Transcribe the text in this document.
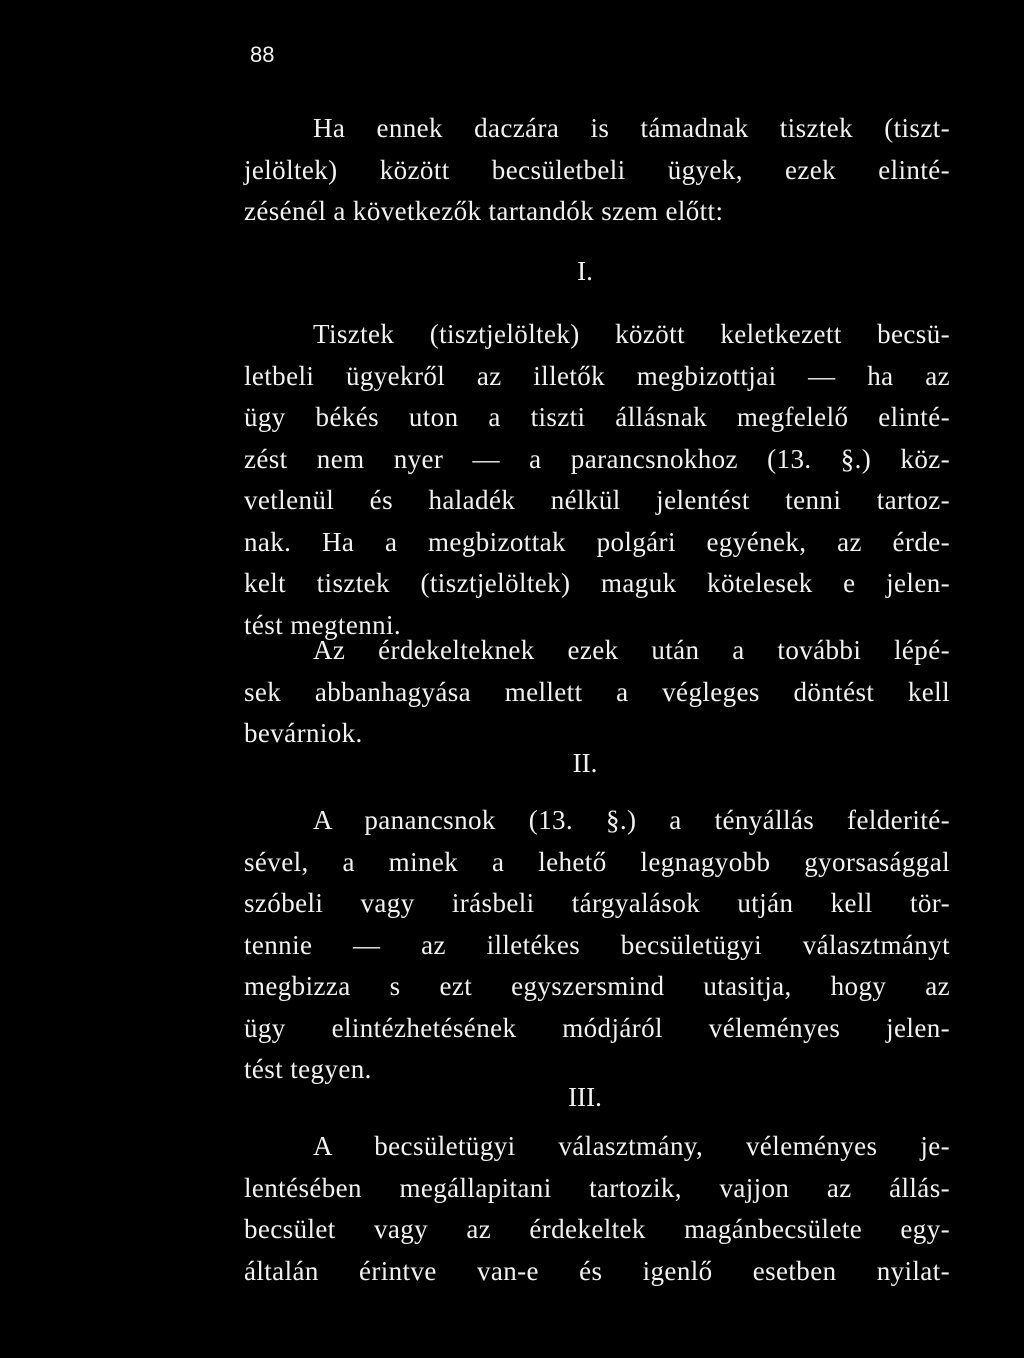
88
Ha ennek daczára is támadnak tisztek (tiszt-
jelöltek) között becsületbeli ügyek, ezek elinté-
zésénél a következők tartandók szem előtt:
I.
Tisztek (tisztjelöltek) között keletkezett becsü-
letbeli ügyekről az illetők megbizottjai — ha az
ügy békés uton a tiszti állásnak megfelelő elinté-
zést nem nyer — a parancsnokhoz (13. §.) köz-
vetlenül és haladék nélkül jelentést tenni tartoz-
nak. Ha a megbizottak polgári egyének, az érde-
kelt tisztek (tisztjelöltek) maguk kötelesek e jelen-
tést megtenni.
Az érdekelteknek ezek után a további lépé-
sek abbanhagyása mellett a végleges döntést kell
bevárniok.
II.
A panancsnok (13. §.) a tényállás felderité-
sével, a minek a lehető legnagyobb gyorsasággal
szóbeli vagy irásbeli tárgyalások utján kell tör-
tennie — az illetékes becsületügyi választmányt
megbizza s ezt egyszersmind utasitja, hogy az
ügy elintézhetésének módjáról véleményes jelen-
tést tegyen.
III.
A becsületügyi választmány, véleményes je-
lentésében megállapitani tartozik, vajjon az állás-
becsület vagy az érdekeltek magánbecsülete egy-
általán érintve van-e és igenlő esetben nyilat-
